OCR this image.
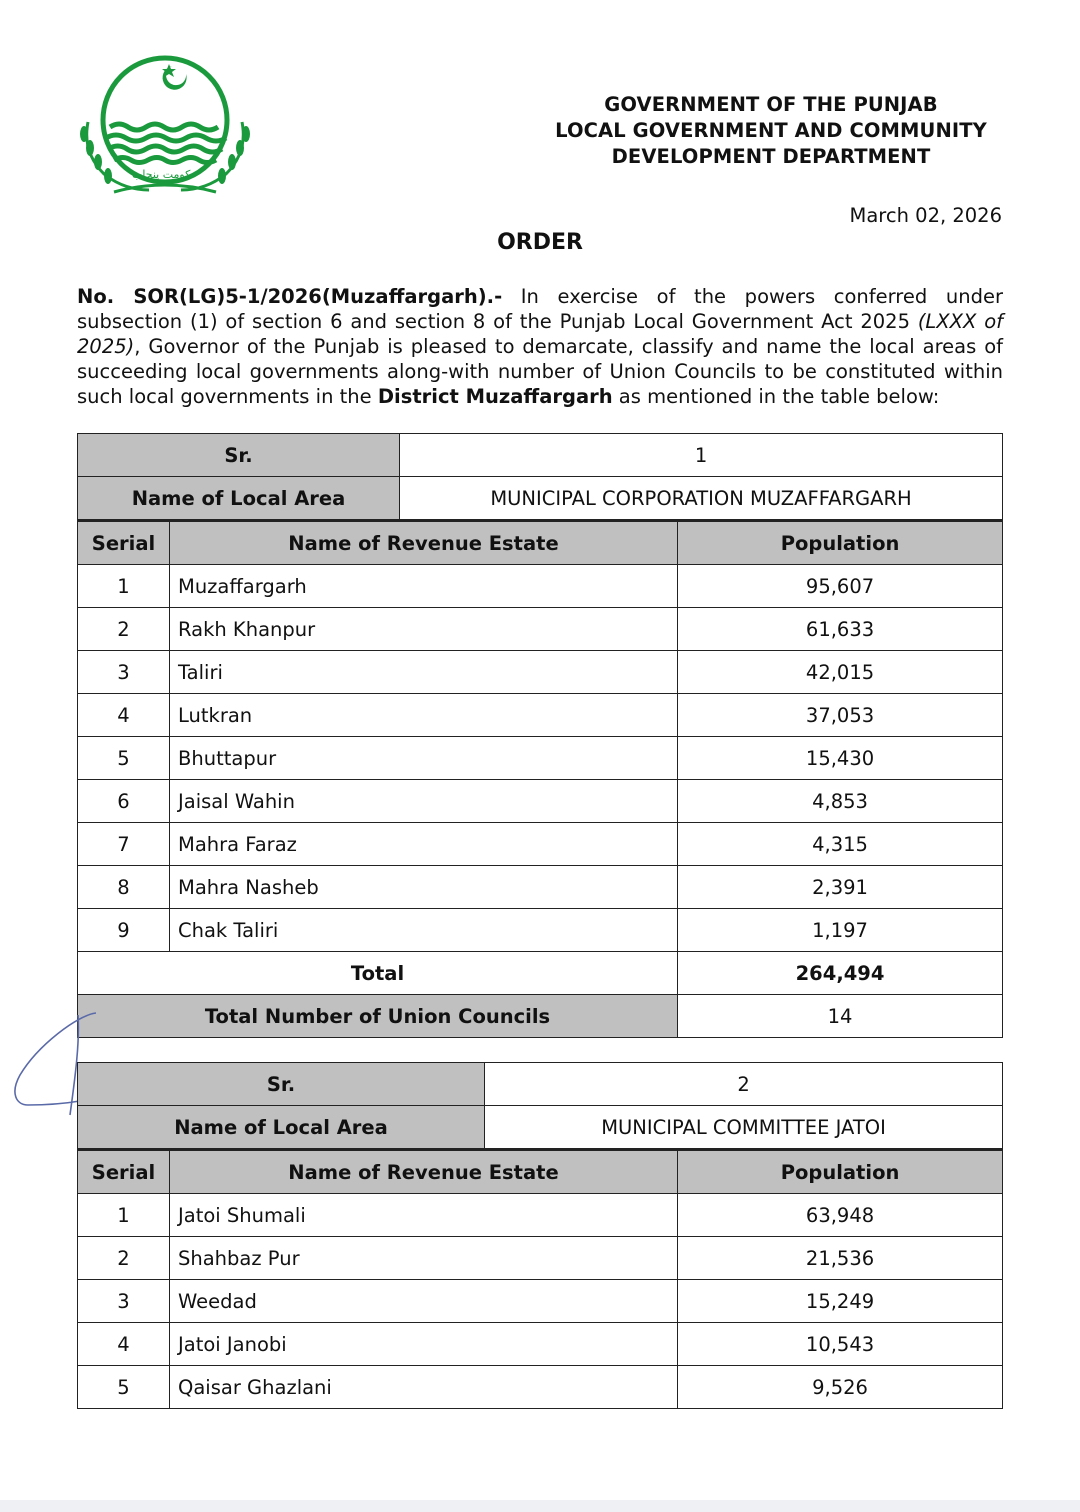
حکومت پنجاب
GOVERNMENT OF THE PUNJAB
LOCAL GOVERNMENT AND COMMUNITY
DEVELOPMENT DEPARTMENT
March 02, 2026
ORDER
No. SOR(LG)5-1/2026(Muzaffargarh).- In exercise of the powers conferred under subsection (1) of section 6 and section 8 of the Punjab Local Government Act 2025 (LXXX of 2025), Governor of the Punjab is pleased to demarcate, classify and name the local areas of succeeding local governments along-with number of Union Councils to be constituted within such local governments in the District Muzaffargarh as mentioned in the table below:
Sr.		1	
Name of Local Area		MUNICIPAL CORPORATION MUZAFFARGARH	
Serial	Name of Revenue Estate		Population
1	Muzaffargarh		95,607
2	Rakh Khanpur		61,633
3	Taliri		42,015
4	Lutkran		37,053
5	Bhuttapur		15,430
6	Jaisal Wahin		4,853
7	Mahra Faraz		4,315
8	Mahra Nasheb		2,391
9	Chak Taliri		1,197
Total			264,494
Total Number of Union Councils			14
Sr.		2	
Name of Local Area		MUNICIPAL COMMITTEE JATOI	
Serial	Name of Revenue Estate		Population
1	Jatoi Shumali		63,948
2	Shahbaz Pur		21,536
3	Weedad		15,249
4	Jatoi Janobi		10,543
5	Qaisar Ghazlani		9,526
